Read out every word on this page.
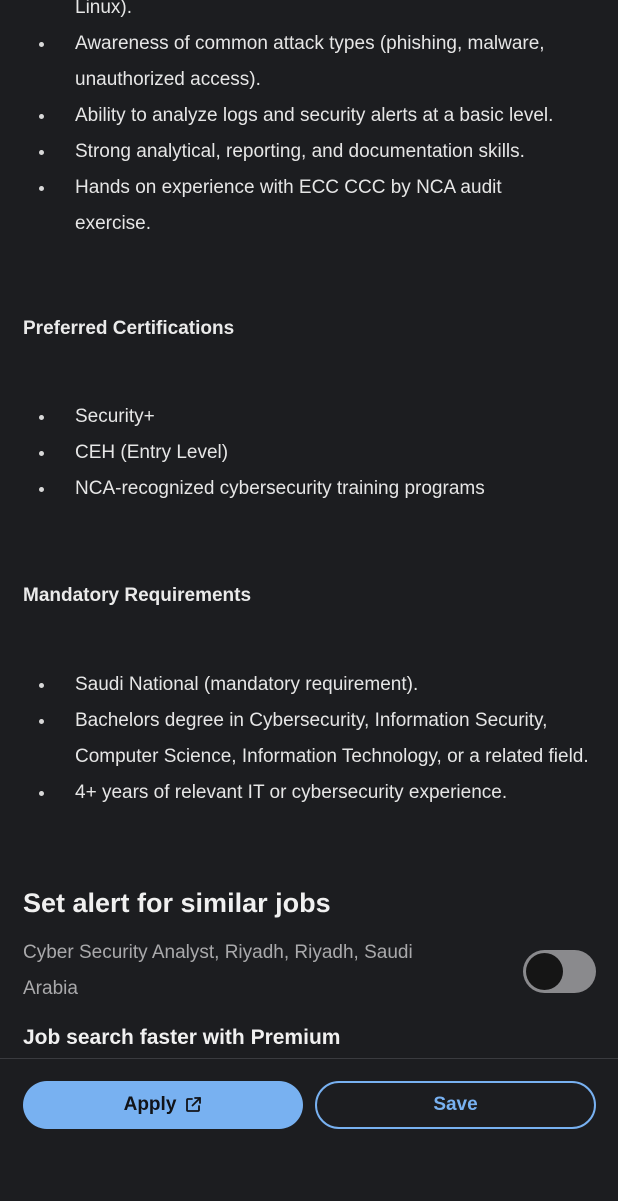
Linux).
Awareness of common attack types (phishing, malware, unauthorized access).
Ability to analyze logs and security alerts at a basic level.
Strong analytical, reporting, and documentation skills.
Hands on experience with ECC CCC by NCA audit exercise.
Preferred Certifications
Security+
CEH (Entry Level)
NCA-recognized cybersecurity training programs
Mandatory Requirements
Saudi National (mandatory requirement).
Bachelors degree in Cybersecurity, Information Security, Computer Science, Information Technology, or a related field.
4+ years of relevant IT or cybersecurity experience.
Set alert for similar jobs
Cyber Security Analyst, Riyadh, Riyadh, Saudi Arabia
Job search faster with Premium
Apply	Save
